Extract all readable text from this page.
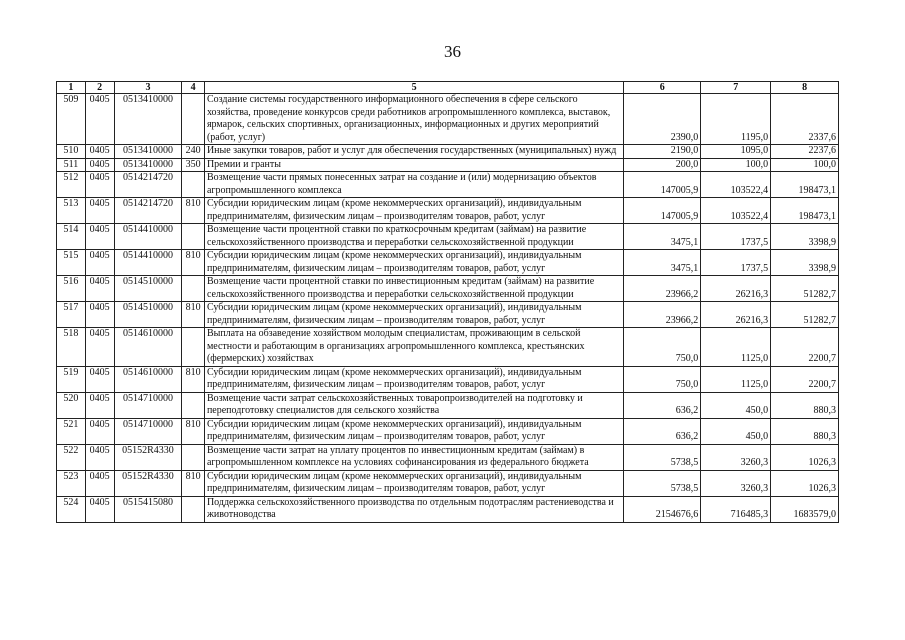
36
1	2	3	4	5	6	7	8
509	0405	0513410000		Создание системы государственного информационного обеспечения в сфере сельского хозяйства, проведение конкурсов среди работников агропромышленного комплекса, выставок, ярмарок, сельских спортивных, организационных, информационных и других мероприятий (работ, услуг)	2390,0	1195,0	2337,6
510	0405	0513410000	240	Иные закупки товаров, работ и услуг для обеспечения государственных (муниципальных) нужд	2190,0	1095,0	2237,6
511	0405	0513410000	350	Премии и гранты	200,0	100,0	100,0
512	0405	0514214720		Возмещение части прямых понесенных затрат на создание и (или) модернизацию объектов агропромышленного комплекса	147005,9	103522,4	198473,1
513	0405	0514214720	810	Субсидии юридическим лицам (кроме некоммерческих организаций), индивидуальным предпринимателям, физическим лицам – производителям товаров, работ, услуг	147005,9	103522,4	198473,1
514	0405	0514410000		Возмещение части процентной ставки по краткосрочным кредитам (займам) на развитие сельскохозяйственного производства и переработки сельскохозяйственной продукции	3475,1	1737,5	3398,9
515	0405	0514410000	810	Субсидии юридическим лицам (кроме некоммерческих организаций), индивидуальным предпринимателям, физическим лицам – производителям товаров, работ, услуг	3475,1	1737,5	3398,9
516	0405	0514510000		Возмещение части процентной ставки по инвестиционным кредитам (займам) на развитие сельскохозяйственного производства и переработки сельскохозяйственной продукции	23966,2	26216,3	51282,7
517	0405	0514510000	810	Субсидии юридическим лицам (кроме некоммерческих организаций), индивидуальным предпринимателям, физическим лицам – производителям товаров, работ, услуг	23966,2	26216,3	51282,7
518	0405	0514610000		Выплата на обзаведение хозяйством молодым специалистам, проживающим в сельской местности и работающим в организациях агропромышленного комплекса, крестьянских (фермерских) хозяйствах	750,0	1125,0	2200,7
519	0405	0514610000	810	Субсидии юридическим лицам (кроме некоммерческих организаций), индивидуальным предпринимателям, физическим лицам – производителям товаров, работ, услуг	750,0	1125,0	2200,7
520	0405	0514710000		Возмещение части затрат сельскохозяйственных товаропроизводителей на подготовку и переподготовку специалистов для сельского хозяйства	636,2	450,0	880,3
521	0405	0514710000	810	Субсидии юридическим лицам (кроме некоммерческих организаций), индивидуальным предпринимателям, физическим лицам – производителям товаров, работ, услуг	636,2	450,0	880,3
522	0405	05152R4330		Возмещение части затрат на уплату процентов по инвестиционным кредитам (займам) в агропромышленном комплексе на условиях софинансирования из федерального бюджета	5738,5	3260,3	1026,3
523	0405	05152R4330	810	Субсидии юридическим лицам (кроме некоммерческих организаций), индивидуальным предпринимателям, физическим лицам – производителям товаров, работ, услуг	5738,5	3260,3	1026,3
524	0405	0515415080		Поддержка сельскохозяйственного производства по отдельным подотраслям растениеводства и животноводства	2154676,6	716485,3	1683579,0
